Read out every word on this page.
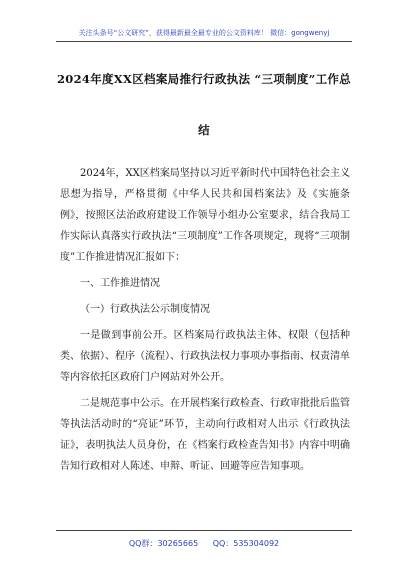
关注头条号“公文研究”，获得最新最全最专业的公文资料库！ 微信：gongwenyj
2024年度XX区档案局推行行政执法 “三项制度”工作总
结

2024年，XX区档案局坚持以习近平新时代中国特色社会主义思想为指导，严格贯彻《中华人民共和国档案法》及《实施条例》，按照区法治政府建设工作领导小组办公室要求，结合我局工作实际认真落实行政执法“三项制度”工作各项规定，现将“三项制度”工作推进情况汇报如下：

一、工作推进情况

（一）行政执法公示制度情况

一是做到事前公开。区档案局行政执法主体、权限（包括种类、依据）、程序（流程）、行政执法权力事项办事指南、权责清单等内容依托区政府门户网站对外公开。

二是规范事中公示。在开展档案行政检查、行政审批批后监管等执法活动时的“亮证”环节，主动向行政相对人出示《行政执法证》，表明执法人员身份，在《档案行政检查告知书》内容中明确告知行政相对人陈述、申辩、听证、回避等应告知事项。

QQ群：30265665 QQ：535304092
